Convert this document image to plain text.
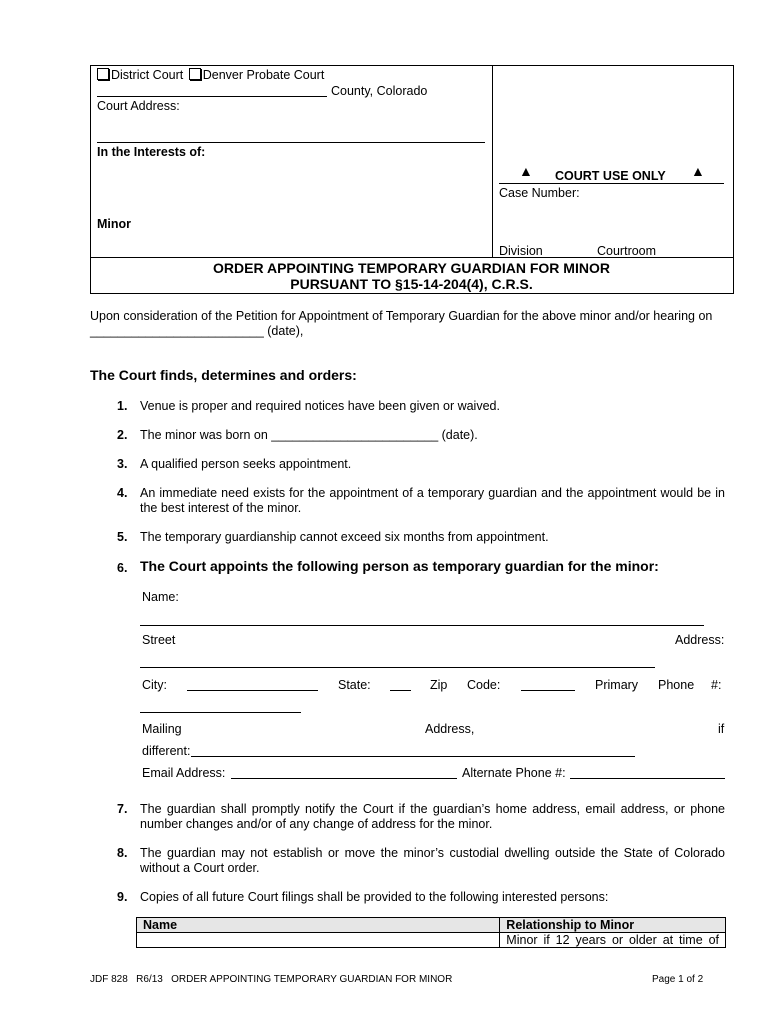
District Court Denver Probate Court
County, Colorado
Court Address:
In the Interests of:
Minor
▲ COURT USE ONLY ▲
Case Number:
Division	Courtroom
ORDER APPOINTING TEMPORARY GUARDIAN FOR MINOR
PURSUANT TO §15-14-204(4), C.R.S.
Upon consideration of the Petition for Appointment of Temporary Guardian for the above minor and/or hearing on
_________________________ (date),
The Court finds, determines and orders:
1. Venue is proper and required notices have been given or waived.
2. The minor was born on ________________________ (date).
3. A qualified person seeks appointment.
4. An immediate need exists for the appointment of a temporary guardian and the appointment would be in the best interest of the minor.
5. The temporary guardianship cannot exceed six months from appointment.
6. The Court appoints the following person as temporary guardian for the minor:
Name:
Street	Address:
City:	State:	Zip Code:	Primary Phone #:
Mailing	Address,	if
different:
Email Address:	Alternate Phone #:
7. The guardian shall promptly notify the Court if the guardian’s home address, email address, or phone number changes and/or of any change of address for the minor.
8. The guardian may not establish or move the minor’s custodial dwelling outside the State of Colorado without a Court order.
9. Copies of all future Court filings shall be provided to the following interested persons:
Name	Relationship to Minor
	Minor if 12 years or older at time of
JDF 828   R6/13   ORDER APPOINTING TEMPORARY GUARDIAN FOR MINOR	Page 1 of 2
